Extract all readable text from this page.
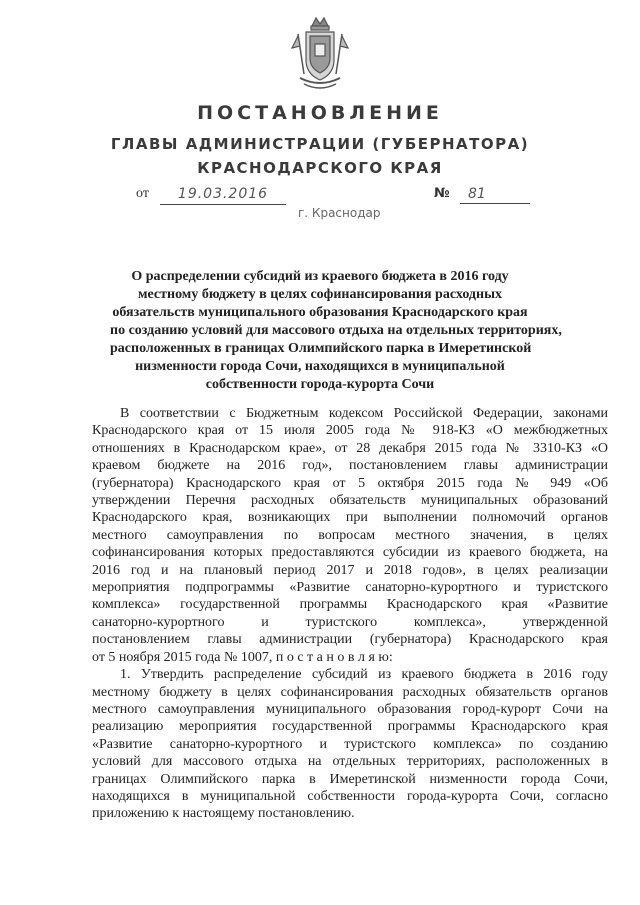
ПОСТАНОВЛЕНИЕ
ГЛАВЫ АДМИНИСТРАЦИИ (ГУБЕРНАТОРА)
КРАСНОДАРСКОГО КРАЯ
от	19.03.2016	№	81
г. Краснодар
О распределении субсидий из краевого бюджета в 2016 году
местному бюджету в целях софинансирования расходных
обязательств муниципального образования Краснодарского края
по созданию условий для массового отдыха на отдельных территориях,
расположенных в границах Олимпийского парка в Имеретинской
низменности города Сочи, находящихся в муниципальной
собственности города-курорта Сочи
В соответствии с Бюджетным кодексом Российской Федерации, законами
Краснодарского края от 15 июля 2005 года № 918-КЗ «О межбюджетных
отношениях в Краснодарском крае», от 28 декабря 2015 года № 3310-КЗ «О
краевом бюджете на 2016 год», постановлением главы администрации
(губернатора) Краснодарского края от 5 октября 2015 года № 949 «Об
утверждении Перечня расходных обязательств муниципальных образований
Краснодарского края, возникающих при выполнении полномочий органов
местного самоуправления по вопросам местного значения, в целях
софинансирования которых предоставляются субсидии из краевого бюджета, на
2016 год и на плановый период 2017 и 2018 годов», в целях реализации
мероприятия подпрограммы «Развитие санаторно-курортного и туристского
комплекса» государственной программы Краснодарского края «Развитие
санаторно-курортного и туристского комплекса», утвержденной
постановлением главы администрации (губернатора) Краснодарского края
от 5 ноября 2015 года № 1007, п о с т а н о в л я ю:
1. Утвердить распределение субсидий из краевого бюджета в 2016 году
местному бюджету в целях софинансирования расходных обязательств органов
местного самоуправления муниципального образования город-курорт Сочи на
реализацию мероприятия государственной программы Краснодарского края
«Развитие санаторно-курортного и туристского комплекса» по созданию
условий для массового отдыха на отдельных территориях, расположенных в
границах Олимпийского парка в Имеретинской низменности города Сочи,
находящихся в муниципальной собственности города-курорта Сочи, согласно
приложению к настоящему постановлению.
